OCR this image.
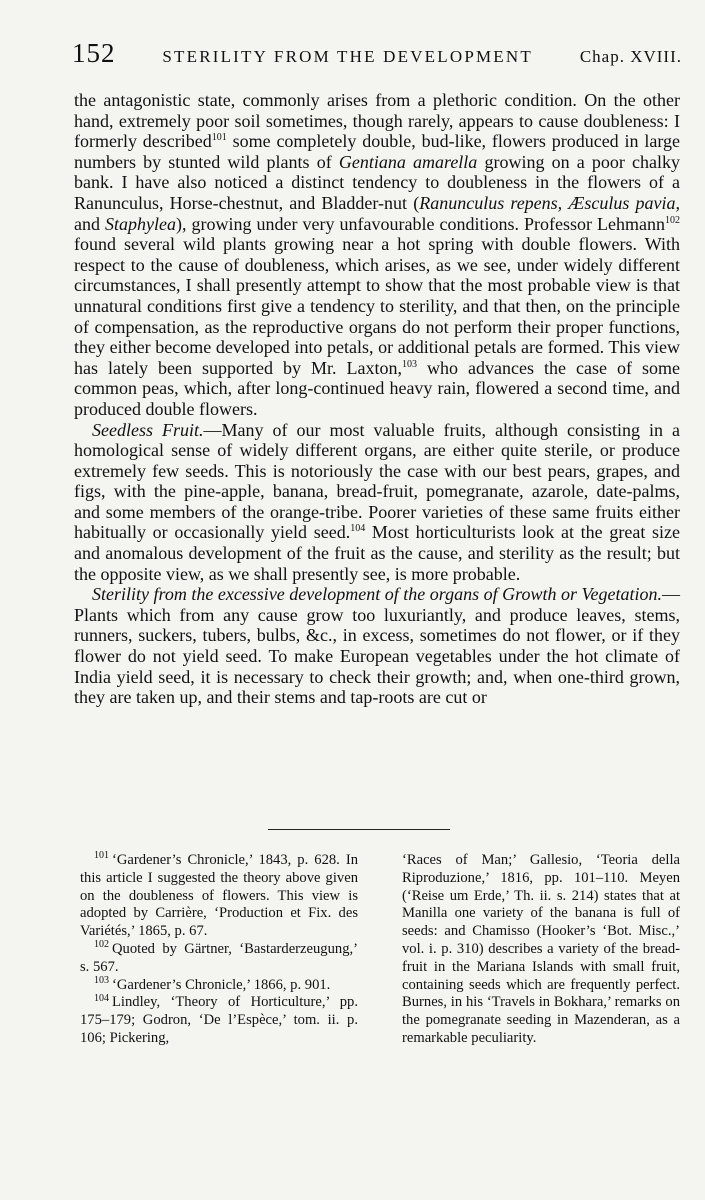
152	STERILITY FROM THE DEVELOPMENT	Chap. XVIII.

the antagonistic state, commonly arises from a plethoric condition. On the other hand, extremely poor soil sometimes, though rarely, appears to cause doubleness: I formerly described$^{101}$ some completely double, bud-like, flowers produced in large numbers by stunted wild plants of Gentiana amarella growing on a poor chalky bank. I have also noticed a distinct tendency to doubleness in the flowers of a Ranunculus, Horse-chestnut, and Bladder-nut (Ranunculus repens, Æsculus pavia, and Staphylea), growing under very unfavourable conditions. Professor Lehmann$^{102}$ found several wild plants growing near a hot spring with double flowers. With respect to the cause of doubleness, which arises, as we see, under widely different circumstances, I shall presently attempt to show that the most probable view is that unnatural conditions first give a tendency to sterility, and that then, on the principle of compensation, as the reproductive organs do not perform their proper functions, they either become developed into petals, or additional petals are formed. This view has lately been supported by Mr. Laxton,$^{103}$ who advances the case of some common peas, which, after long-continued heavy rain, flowered a second time, and produced double flowers.

Seedless Fruit.—Many of our most valuable fruits, although consisting in a homological sense of widely different organs, are either quite sterile, or produce extremely few seeds. This is notoriously the case with our best pears, grapes, and figs, with the pine-apple, banana, bread-fruit, pomegranate, azarole, date-palms, and some members of the orange-tribe. Poorer varieties of these same fruits either habitually or occasionally yield seed.$^{104}$ Most horticulturists look at the great size and anomalous development of the fruit as the cause, and sterility as the result; but the opposite view, as we shall presently see, is more probable.

Sterility from the excessive development of the organs of Growth or Vegetation.—Plants which from any cause grow too luxuriantly, and produce leaves, stems, runners, suckers, tubers, bulbs, &c., in excess, sometimes do not flower, or if they flower do not yield seed. To make European vegetables under the hot climate of India yield seed, it is necessary to check their growth; and, when one-third grown, they are taken up, and their stems and tap-roots are cut or

$^{101}$ ‘Gardener’s Chronicle,’ 1843, p. 628. In this article I suggested the theory above given on the doubleness of flowers. This view is adopted by Carrière, ‘Production et Fix. des Variétés,’ 1865, p. 67.

$^{102}$ Quoted by Gärtner, ‘Bastarderzeugung,’ s. 567.

$^{103}$ ‘Gardener’s Chronicle,’ 1866, p. 901.

$^{104}$ Lindley, ‘Theory of Horticulture,’ pp. 175–179; Godron, ‘De l’Espèce,’ tom. ii. p. 106; Pickering,

‘Races of Man;’ Gallesio, ‘Teoria della Riproduzione,’ 1816, pp. 101–110. Meyen (‘Reise um Erde,’ Th. ii. s. 214) states that at Manilla one variety of the banana is full of seeds: and Chamisso (Hooker’s ‘Bot. Misc.,’ vol. i. p. 310) describes a variety of the bread-fruit in the Mariana Islands with small fruit, containing seeds which are frequently perfect. Burnes, in his ‘Travels in Bokhara,’ remarks on the pomegranate seeding in Mazenderan, as a remarkable peculiarity.
